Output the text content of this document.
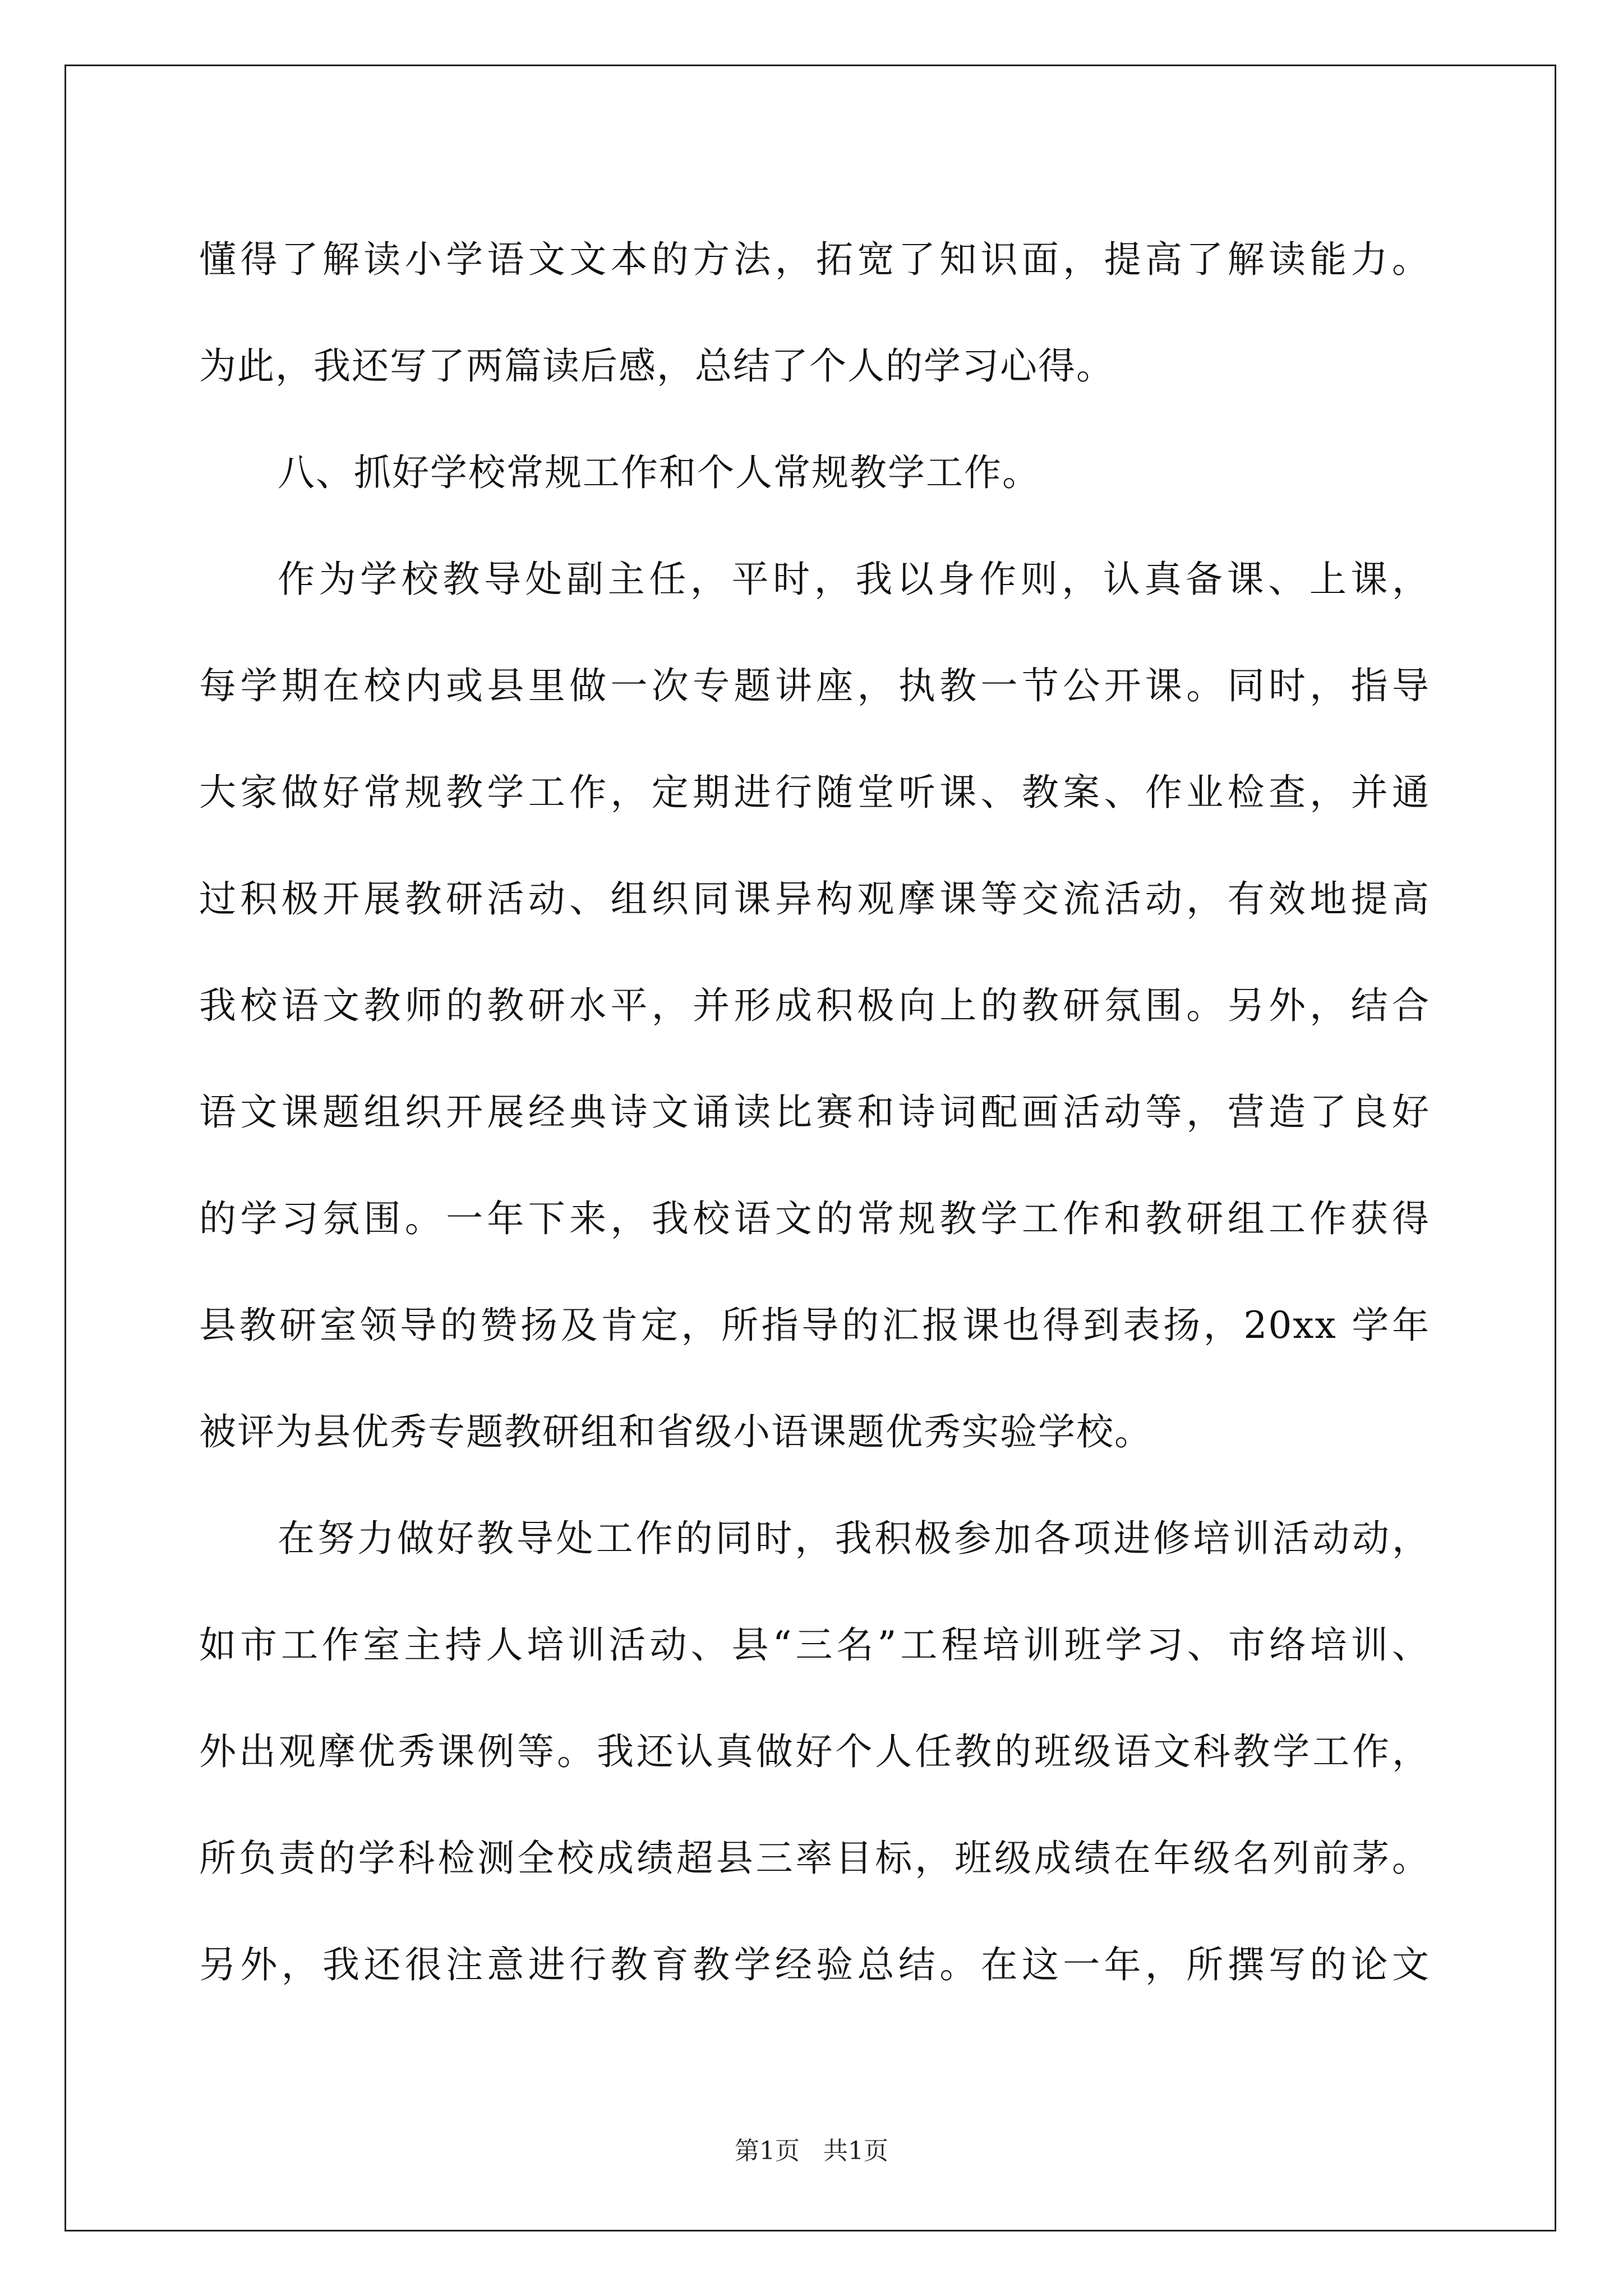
懂得了解读小学语文文本的方法，拓宽了知识面，提高了解读能力。
为此，我还写了两篇读后感，总结了个人的学习心得。
八、抓好学校常规工作和个人常规教学工作。
作为学校教导处副主任，平时，我以身作则，认真备课、上课，
每学期在校内或县里做一次专题讲座，执教一节公开课。同时，指导
大家做好常规教学工作，定期进行随堂听课、教案、作业检查，并通
过积极开展教研活动、组织同课异构观摩课等交流活动，有效地提高
我校语文教师的教研水平，并形成积极向上的教研氛围。另外，结合
语文课题组织开展经典诗文诵读比赛和诗词配画活动等，营造了良好
的学习氛围。一年下来，我校语文的常规教学工作和教研组工作获得
县教研室领导的赞扬及肯定，所指导的汇报课也得到表扬，20xx 学年
被评为县优秀专题教研组和省级小语课题优秀实验学校。
在努力做好教导处工作的同时，我积极参加各项进修培训活动动，
如市工作室主持人培训活动、县“三名”工程培训班学习、市络培训、
外出观摩优秀课例等。我还认真做好个人任教的班级语文科教学工作，
所负责的学科检测全校成绩超县三率目标，班级成绩在年级名列前茅。
另外，我还很注意进行教育教学经验总结。在这一年，所撰写的论文
第1页   共1页
